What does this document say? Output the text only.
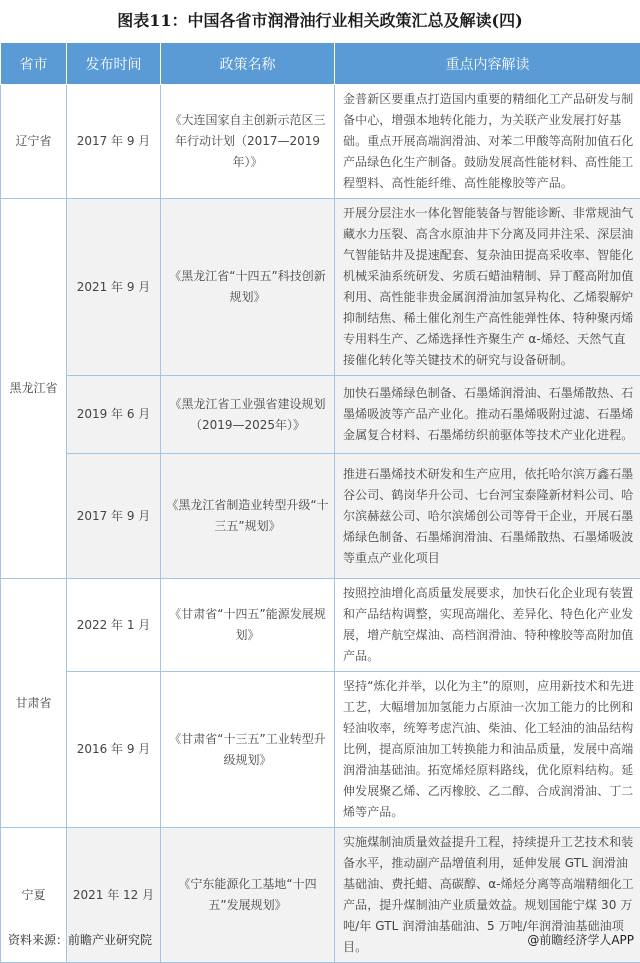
图表11：中国各省市润滑油行业相关政策汇总及解读(四)
省市	发布时间	政策名称	重点内容解读
辽宁省	2017 年 9 月	《大连国家自主创新示范区三年行动计划（2017—2019年）》	金普新区要重点打造国内重要的精细化工产品研发与制备中心，增强本地转化能力，为关联产业发展打好基础。重点开展高端润滑油、对苯二甲酸等高附加值石化产品绿色化生产制备。鼓励发展高性能材料、高性能工程塑料、高性能纤维、高性能橡胶等产品。
黑龙江省	2021 年 9 月	《黑龙江省“十四五”科技创新规划》	开展分层注水一体化智能装备与智能诊断、非常规油气藏水力压裂、高含水原油井下分离及同井注采、深层油气智能钻井及提速配套、复杂油田提高采收率、智能化机械采油系统研发、劣质石蜡油精制、异丁醛高附加值利用、高性能非贵金属润滑油加氢异构化、乙烯裂解炉抑制结焦、稀土催化剂生产高性能弹性体、特种聚丙烯专用料生产、乙烯选择性齐聚生产 α-烯烃、天然气直接催化转化等关键技术的研究与设备研制。
	2019 年 6 月	《黑龙江省工业强省建设规划（2019—2025年）》	加快石墨烯绿色制备、石墨烯润滑油、石墨烯散热、石墨烯吸波等产品产业化。推动石墨烯吸附过滤、石墨烯金属复合材料、石墨烯纺织前驱体等技术产业化进程。
	2017 年 9 月	《黑龙江省制造业转型升级“十三五”规划》	推进石墨烯技术研发和生产应用，依托哈尔滨万鑫石墨谷公司、鹤岗华升公司、七台河宝泰隆新材料公司、哈尔滨赫兹公司、哈尔滨烯创公司等骨干企业，开展石墨烯绿色制备、石墨烯润滑油、石墨烯散热、石墨烯吸波等重点产业化项目
甘肃省	2022 年 1 月	《甘肃省“十四五”能源发展规划》	按照控油增化高质量发展要求，加快石化企业现有装置和产品结构调整，实现高端化、差异化、特色化产业发展，增产航空煤油、高档润滑油、特种橡胶等高附加值产品。
	2016 年 9 月	《甘肃省“十三五”工业转型升级规划》	坚持“炼化并举，以化为主”的原则，应用新技术和先进工艺，大幅增加加氢能力占原油一次加工能力的比例和轻油收率，统筹考虑汽油、柴油、化工轻油的油品结构比例，提高原油加工转换能力和油品质量，发展中高端润滑油基础油。拓宽烯烃原料路线，优化原料结构。延伸发展聚乙烯、乙丙橡胶、乙二醇、合成润滑油、丁二烯等产品。
宁夏	2021 年 12 月	《宁东能源化工基地“十四五”发展规划》	实施煤制油质量效益提升工程，持续提升工艺技术和装备水平，推动副产品增值利用，延伸发展 GTL 润滑油基础油、费托蜡、高碳醇、α-烯烃分离等高端精细化工产品，提升煤制油产业质量效益。规划国能宁煤 30 万吨/年 GTL 润滑油基础油、5 万吨/年润滑油基础油项目。
资料来源：前瞻产业研究院	@前瞻经济学人APP
